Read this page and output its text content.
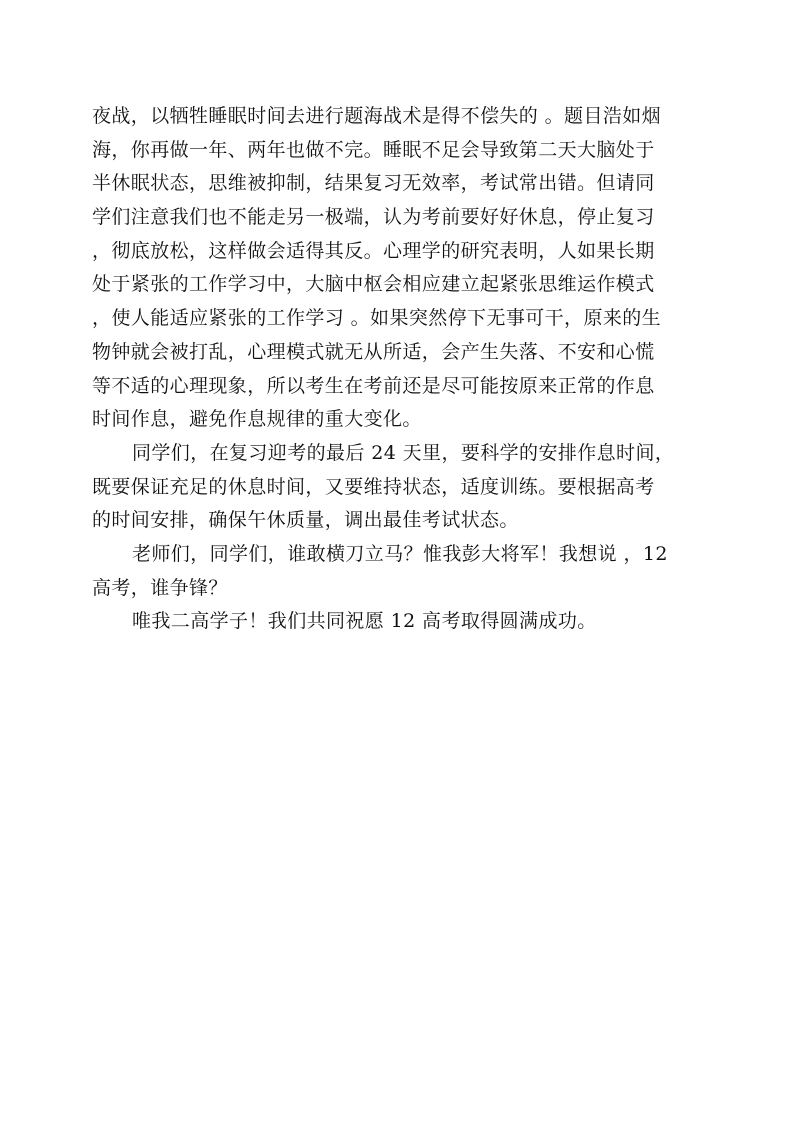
夜战，以牺牲睡眠时间去进行题海战术是得不偿失的 。题目浩如烟
海，你再做一年、两年也做不完。睡眠不足会导致第二天大脑处于
半休眠状态，思维被抑制，结果复习无效率，考试常出错。但请同
学们注意我们也不能走另一极端，认为考前要好好休息，停止复习
，彻底放松，这样做会适得其反。心理学的研究表明，人如果长期
处于紧张的工作学习中，大脑中枢会相应建立起紧张思维运作模式
，使人能适应紧张的工作学习 。如果突然停下无事可干，原来的生
物钟就会被打乱，心理模式就无从所适，会产生失落、不安和心慌
等不适的心理现象，所以考生在考前还是尽可能按原来正常的作息
时间作息，避免作息规律的重大变化。
同学们，在复习迎考的最后 24 天里，要科学的安排作息时间，
既要保证充足的休息时间，又要维持状态，适度训练。要根据高考
的时间安排，确保午休质量，调出最佳考试状态。
老师们，同学们，谁敢横刀立马？惟我彭大将军！我想说 ，12
高考，谁争锋？
唯我二高学子！我们共同祝愿 12 高考取得圆满成功。
